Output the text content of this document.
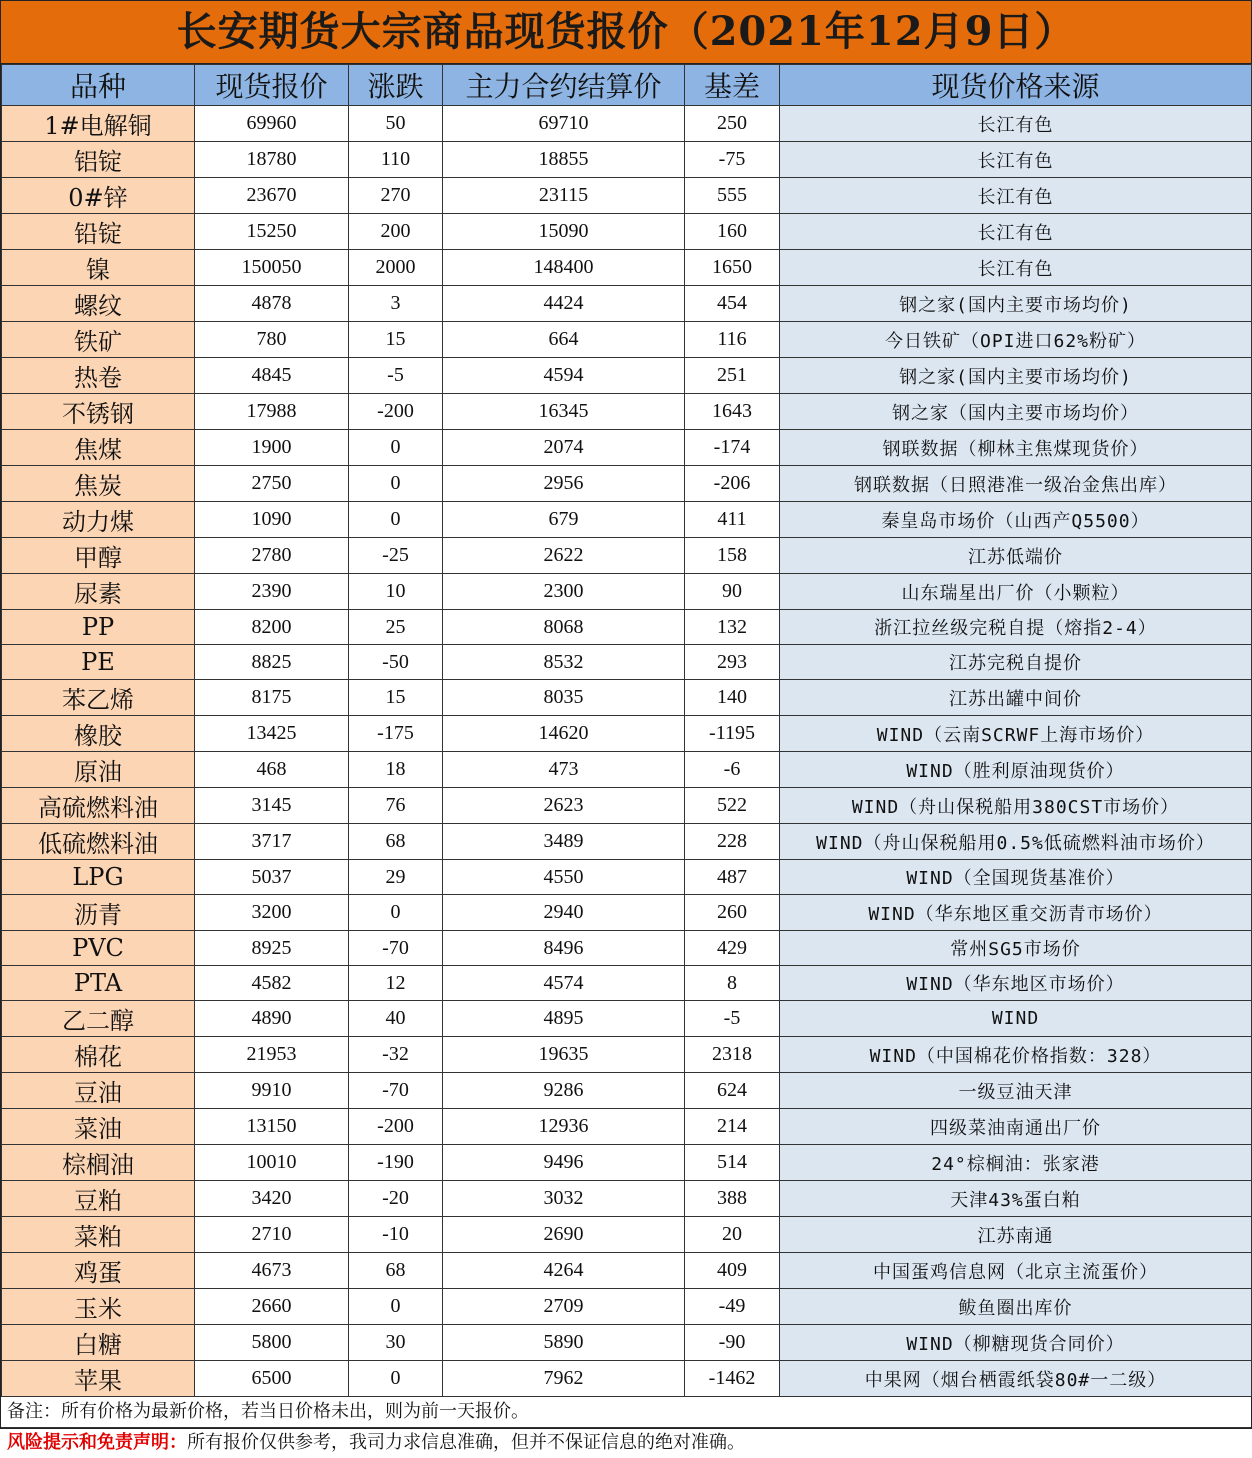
长安期货大宗商品现货报价（2021年12月9日）
品种	现货报价	涨跌	主力合约结算价	基差	现货价格来源
1#电解铜	69960	50	69710	250	长江有色
铝锭	18780	110	18855	-75	长江有色
0#锌	23670	270	23115	555	长江有色
铅锭	15250	200	15090	160	长江有色
镍	150050	2000	148400	1650	长江有色
螺纹	4878	3	4424	454	钢之家(国内主要市场均价)
铁矿	780	15	664	116	今日铁矿（OPI进口62%粉矿）
热卷	4845	-5	4594	251	钢之家(国内主要市场均价)
不锈钢	17988	-200	16345	1643	钢之家（国内主要市场均价）
焦煤	1900	0	2074	-174	钢联数据（柳林主焦煤现货价）
焦炭	2750	0	2956	-206	钢联数据（日照港准一级冶金焦出库）
动力煤	1090	0	679	411	秦皇岛市场价（山西产Q5500）
甲醇	2780	-25	2622	158	江苏低端价
尿素	2390	10	2300	90	山东瑞星出厂价（小颗粒）
PP	8200	25	8068	132	浙江拉丝级完税自提（熔指2-4）
PE	8825	-50	8532	293	江苏完税自提价
苯乙烯	8175	15	8035	140	江苏出罐中间价
橡胶	13425	-175	14620	-1195	WIND（云南SCRWF上海市场价）
原油	468	18	473	-6	WIND（胜利原油现货价）
高硫燃料油	3145	76	2623	522	WIND（舟山保税船用380CST市场价）
低硫燃料油	3717	68	3489	228	WIND（舟山保税船用0.5%低硫燃料油市场价）
LPG	5037	29	4550	487	WIND（全国现货基准价）
沥青	3200	0	2940	260	WIND（华东地区重交沥青市场价）
PVC	8925	-70	8496	429	常州SG5市场价
PTA	4582	12	4574	8	WIND（华东地区市场价）
乙二醇	4890	40	4895	-5	WIND
棉花	21953	-32	19635	2318	WIND（中国棉花价格指数：328）
豆油	9910	-70	9286	624	一级豆油天津
菜油	13150	-200	12936	214	四级菜油南通出厂价
棕榈油	10010	-190	9496	514	24°棕榈油：张家港
豆粕	3420	-20	3032	388	天津43%蛋白粕
菜粕	2710	-10	2690	20	江苏南通
鸡蛋	4673	68	4264	409	中国蛋鸡信息网（北京主流蛋价）
玉米	2660	0	2709	-49	鲅鱼圈出库价
白糖	5800	30	5890	-90	WIND（柳糖现货合同价）
苹果	6500	0	7962	-1462	中果网（烟台栖霞纸袋80#一二级）
备注：所有价格为最新价格，若当日价格未出，则为前一天报价。
风险提示和免责声明：所有报价仅供参考，我司力求信息准确，但并不保证信息的绝对准确。
